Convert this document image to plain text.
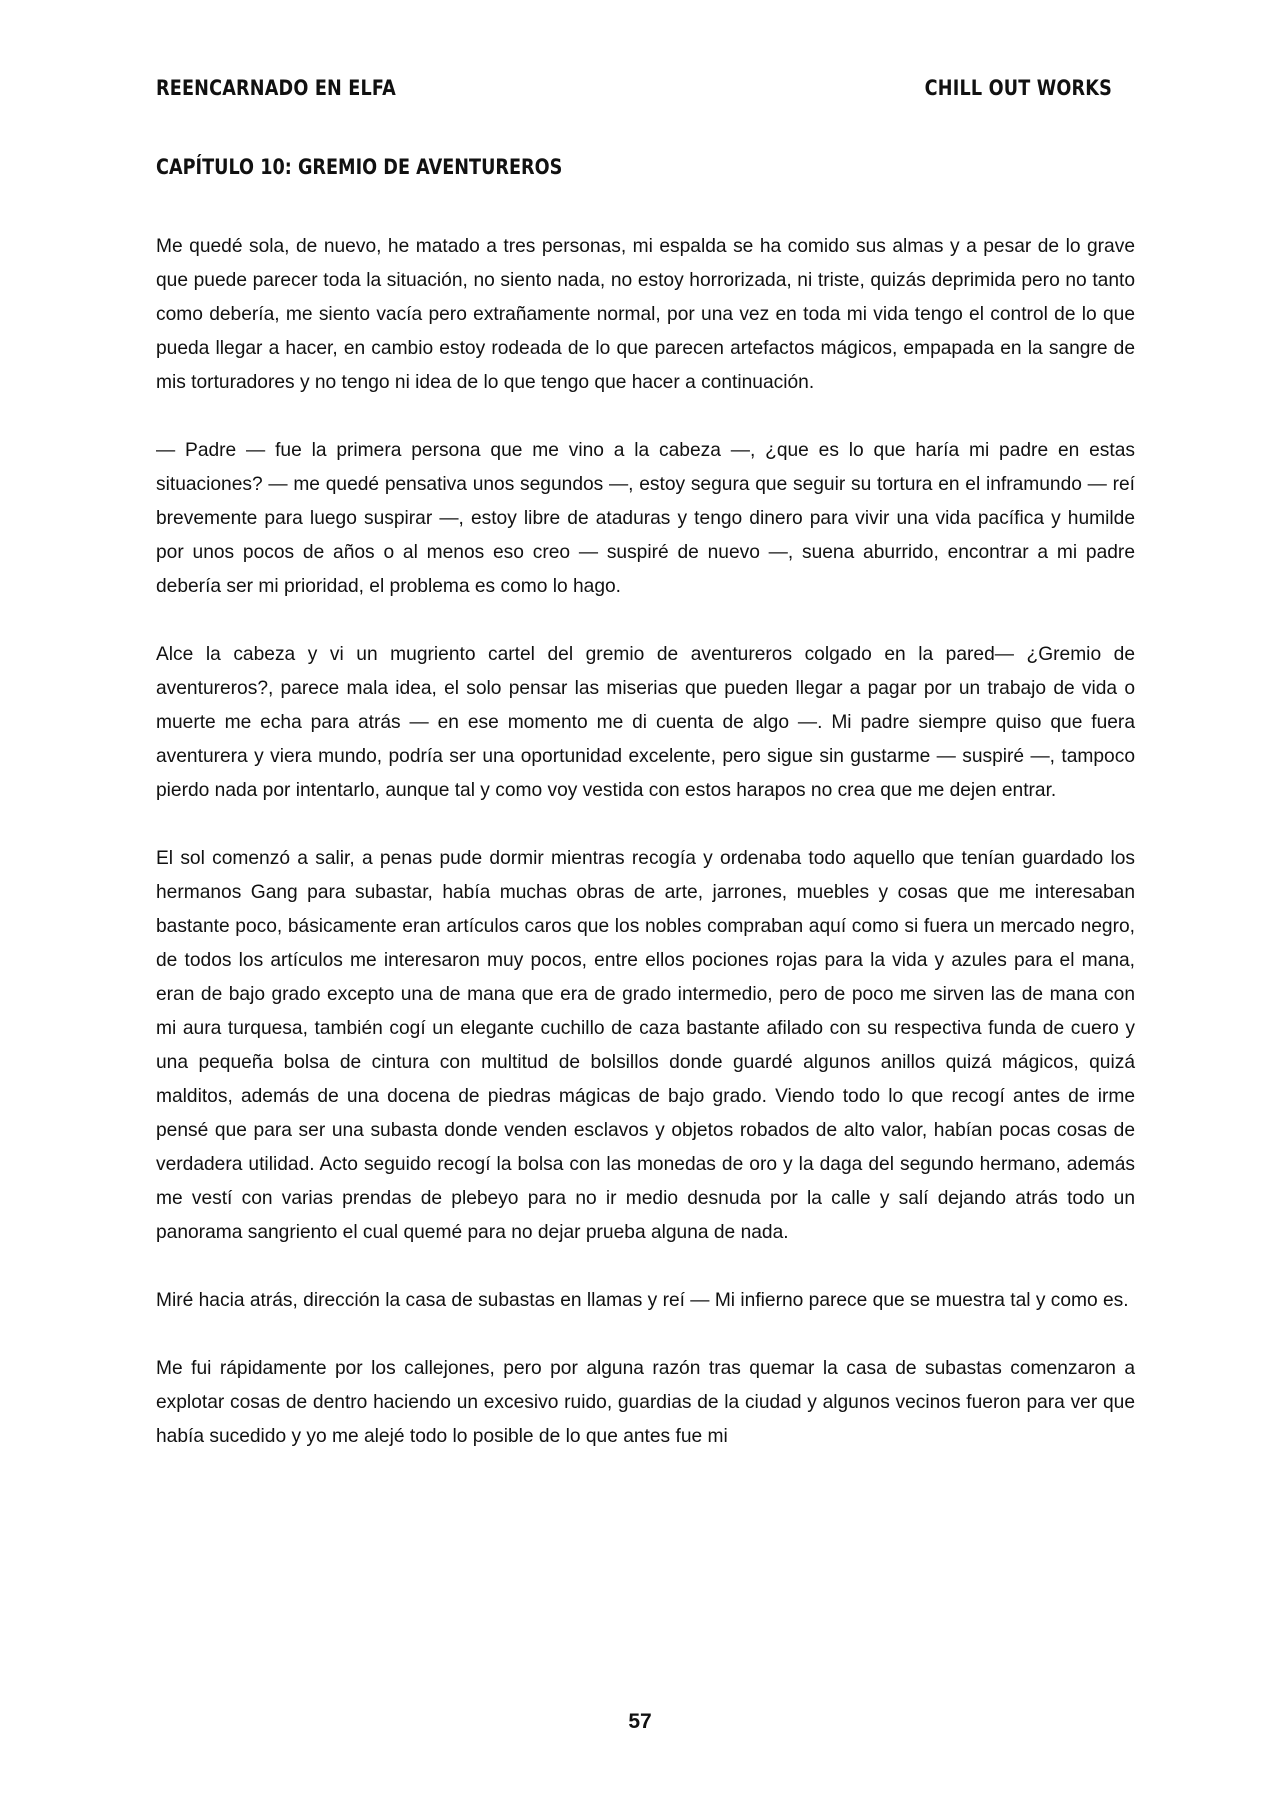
REENCARNADO EN ELFA	CHILL OUT WORKS
CAPÍTULO 10: GREMIO DE AVENTUREROS

Me quedé sola, de nuevo, he matado a tres personas, mi espalda se ha comido sus almas y a pesar de lo grave que puede parecer toda la situación, no siento nada, no estoy horrorizada, ni triste, quizás deprimida pero no tanto como debería, me siento vacía pero extrañamente normal, por una vez en toda mi vida tengo el control de lo que pueda llegar a hacer, en cambio estoy rodeada de lo que parecen artefactos mágicos, empapada en la sangre de mis torturadores y no tengo ni idea de lo que tengo que hacer a continuación.

— Padre — fue la primera persona que me vino a la cabeza —, ¿que es lo que haría mi padre en estas situaciones? — me quedé pensativa unos segundos —, estoy segura que seguir su tortura en el inframundo — reí brevemente para luego suspirar —, estoy libre de ataduras y tengo dinero para vivir una vida pacífica y humilde por unos pocos de años o al menos eso creo — suspiré de nuevo —, suena aburrido, encontrar a mi padre debería ser mi prioridad, el problema es como lo hago.

Alce la cabeza y vi un mugriento cartel del gremio de aventureros colgado en la pared— ¿Gremio de aventureros?, parece mala idea, el solo pensar las miserias que pueden llegar a pagar por un trabajo de vida o muerte me echa para atrás — en ese momento me di cuenta de algo —. Mi padre siempre quiso que fuera aventurera y viera mundo, podría ser una oportunidad excelente, pero sigue sin gustarme — suspiré —, tampoco pierdo nada por intentarlo, aunque tal y como voy vestida con estos harapos no crea que me dejen entrar.

El sol comenzó a salir, a penas pude dormir mientras recogía y ordenaba todo aquello que tenían guardado los hermanos Gang para subastar, había muchas obras de arte, jarrones, muebles y cosas que me interesaban bastante poco, básicamente eran artículos caros que los nobles compraban aquí como si fuera un mercado negro, de todos los artículos me interesaron muy pocos, entre ellos pociones rojas para la vida y azules para el mana, eran de bajo grado excepto una de mana que era de grado intermedio, pero de poco me sirven las de mana con mi aura turquesa, también cogí un elegante cuchillo de caza bastante afilado con su respectiva funda de cuero y una pequeña bolsa de cintura con multitud de bolsillos donde guardé algunos anillos quizá mágicos, quizá malditos, además de una docena de piedras mágicas de bajo grado. Viendo todo lo que recogí antes de irme pensé que para ser una subasta donde venden esclavos y objetos robados de alto valor, habían pocas cosas de verdadera utilidad. Acto seguido recogí la bolsa con las monedas de oro y la daga del segundo hermano, además me vestí con varias prendas de plebeyo para no ir medio desnuda por la calle y salí dejando atrás todo un panorama sangriento el cual quemé para no dejar prueba alguna de nada.

Miré hacia atrás, dirección la casa de subastas en llamas y reí — Mi infierno parece que se muestra tal y como es.

Me fui rápidamente por los callejones, pero por alguna razón tras quemar la casa de subastas comenzaron a explotar cosas de dentro haciendo un excesivo ruido, guardias de la ciudad y algunos vecinos fueron para ver que había sucedido y yo me alejé todo lo posible de lo que antes fue mi

57
